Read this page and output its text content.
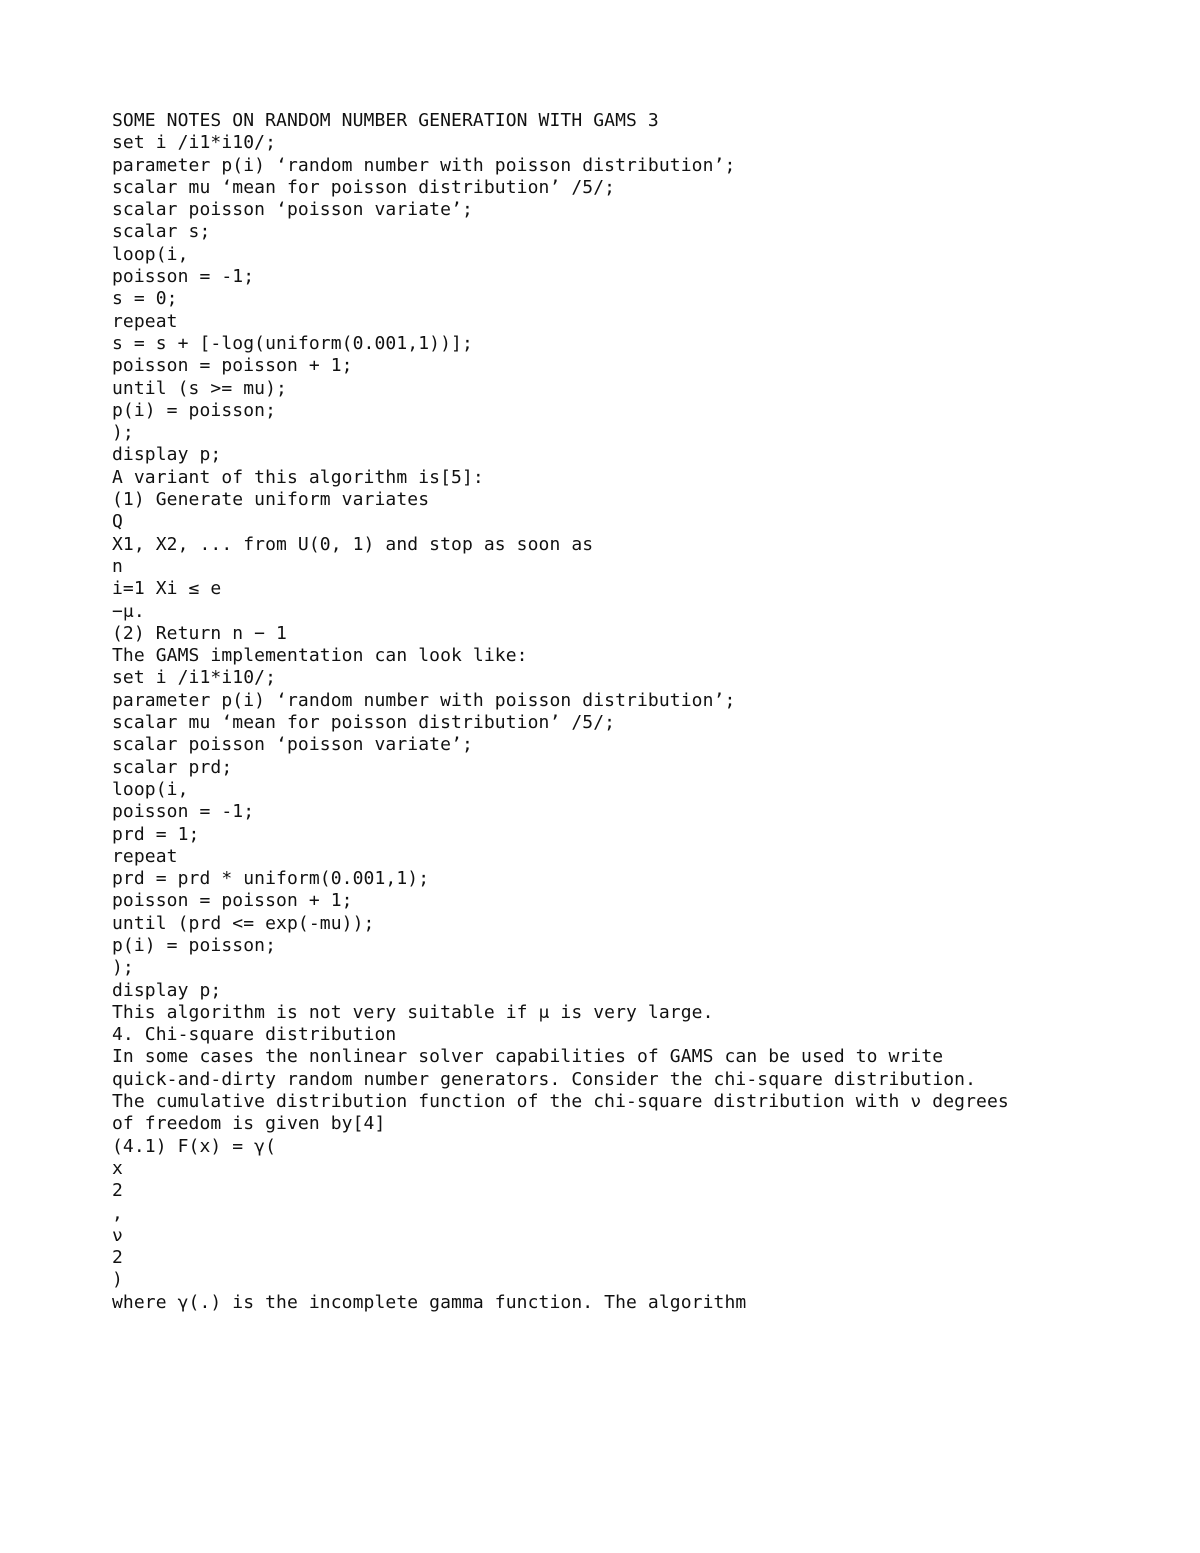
SOME NOTES ON RANDOM NUMBER GENERATION WITH GAMS 3
set i /i1*i10/;
parameter p(i) ‘random number with poisson distribution’;
scalar mu ‘mean for poisson distribution’ /5/;
scalar poisson ‘poisson variate’;
scalar s;
loop(i,
poisson = -1;
s = 0;
repeat
s = s + [-log(uniform(0.001,1))];
poisson = poisson + 1;
until (s >= mu);
p(i) = poisson;
);
display p;
A variant of this algorithm is[5]:
(1) Generate uniform variates
Q
X1, X2, ... from U(0, 1) and stop as soon as
n
i=1 Xi ≤ e
−μ.
(2) Return n − 1
The GAMS implementation can look like:
set i /i1*i10/;
parameter p(i) ‘random number with poisson distribution’;
scalar mu ‘mean for poisson distribution’ /5/;
scalar poisson ‘poisson variate’;
scalar prd;
loop(i,
poisson = -1;
prd = 1;
repeat
prd = prd * uniform(0.001,1);
poisson = poisson + 1;
until (prd <= exp(-mu));
p(i) = poisson;
);
display p;
This algorithm is not very suitable if μ is very large.
4. Chi-square distribution
In some cases the nonlinear solver capabilities of GAMS can be used to write
quick-and-dirty random number generators. Consider the chi-square distribution.
The cumulative distribution function of the chi-square distribution with ν degrees
of freedom is given by[4]
(4.1) F(x) = γ(
x
2
,
ν
2
)
where γ(.) is the incomplete gamma function. The algorithm
